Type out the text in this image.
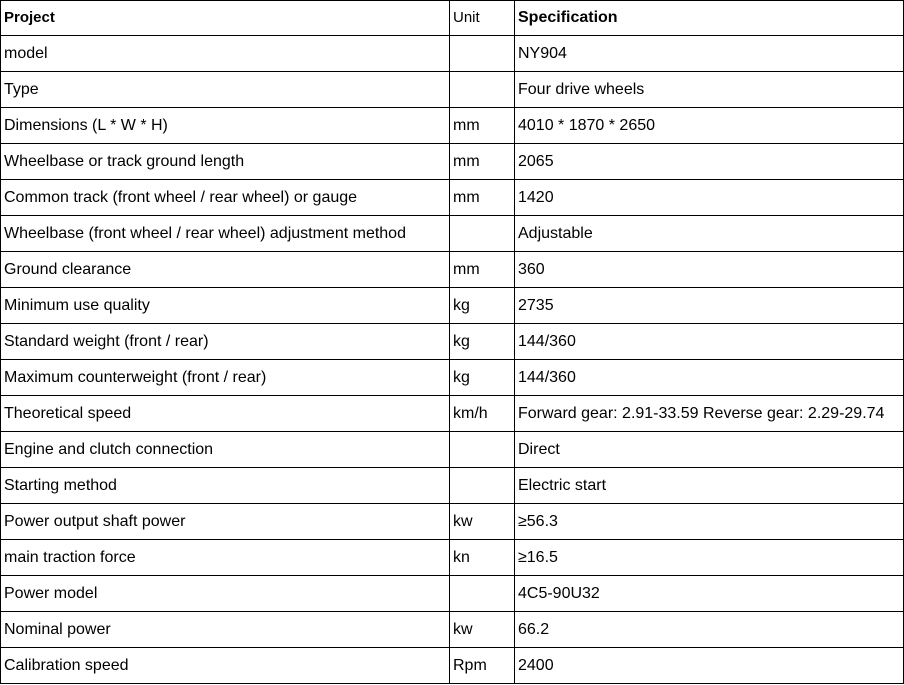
Project	Unit	Specification
model		NY904
Type		Four drive wheels
Dimensions (L * W * H)	mm	4010 * 1870 * 2650
Wheelbase or track ground length	mm	2065
Common track (front wheel / rear wheel) or gauge	mm	1420
Wheelbase (front wheel / rear wheel) adjustment method		Adjustable
Ground clearance	mm	360
Minimum use quality	kg	2735
Standard weight (front / rear)	kg	144/360
Maximum counterweight (front / rear)	kg	144/360
Theoretical speed	km/h	Forward gear: 2.91-33.59 Reverse gear: 2.29-29.74
Engine and clutch connection		Direct
Starting method		Electric start
Power output shaft power	kw	≥56.3
main traction force	kn	≥16.5
Power model		4C5-90U32
Nominal power	kw	66.2
Calibration speed	Rpm	2400
